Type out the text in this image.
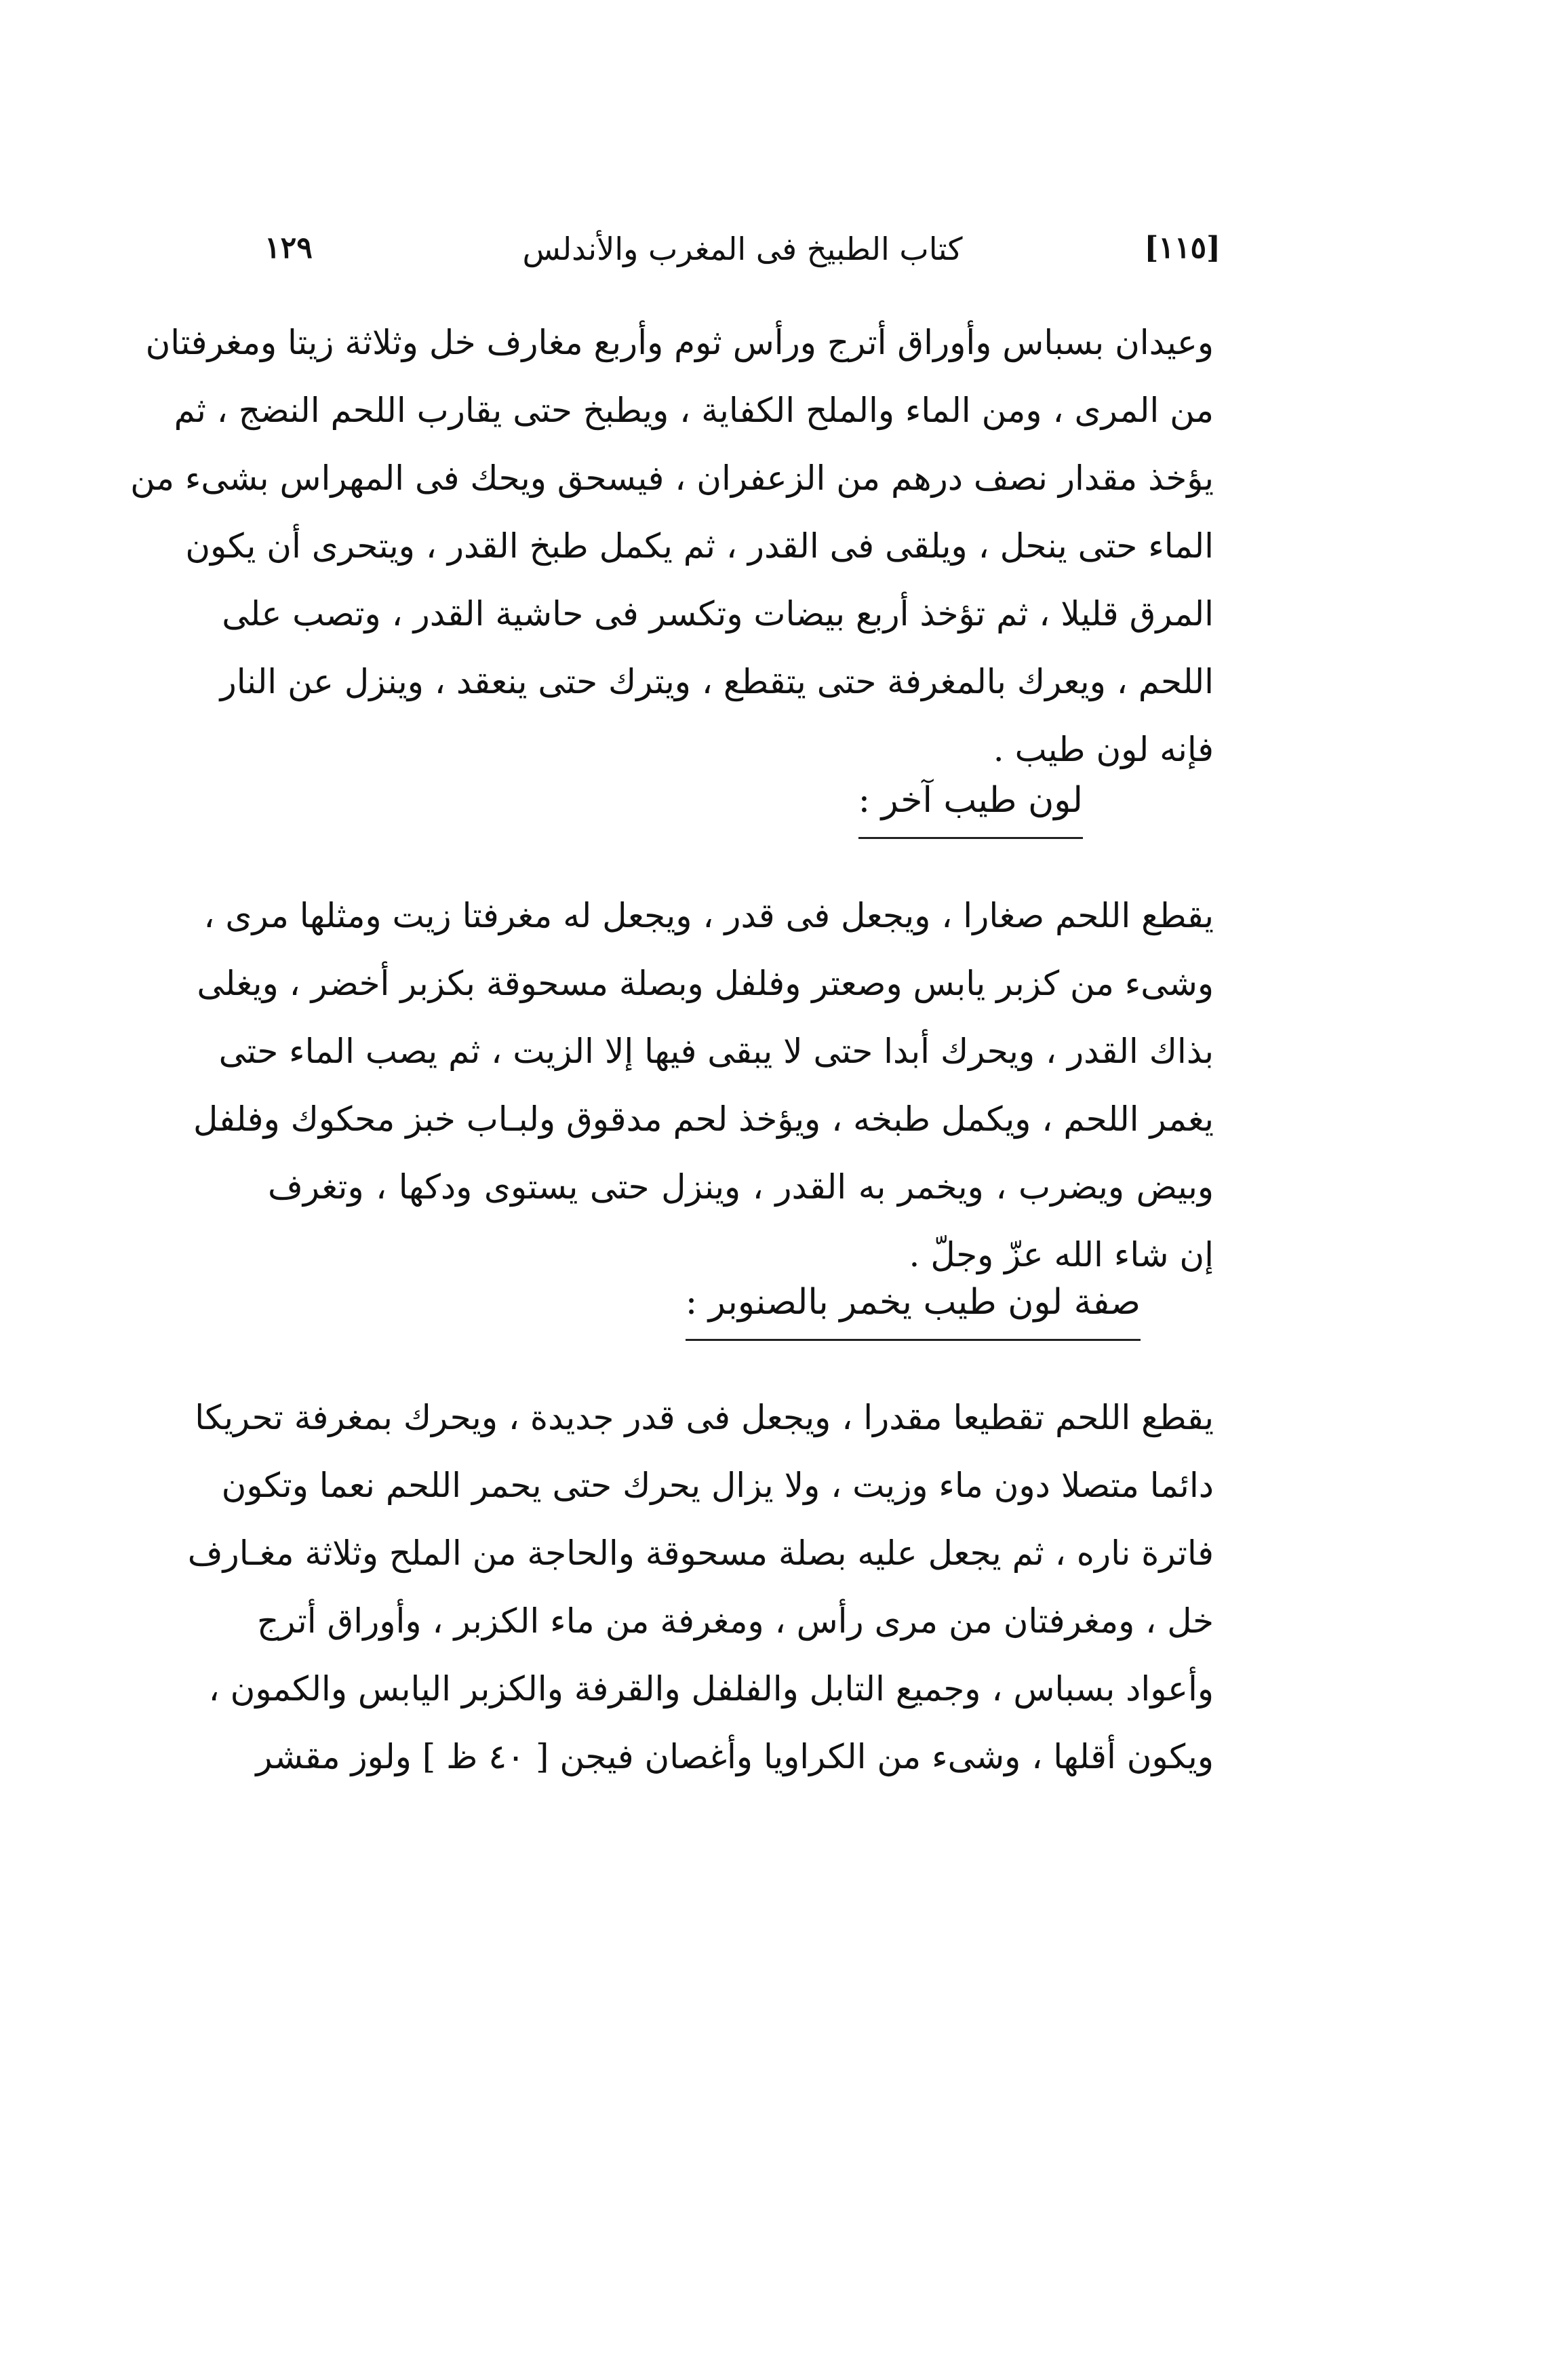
١٢٩	كتاب الطبيخ فى المغرب والأندلس	[١١٥]
وعيدان بسباس وأوراق أترج ورأس ثوم وأربع مغارف خل وثلاثة زيتا ومغرفتان
من المرى ، ومن الماء والملح الكفاية ، ويطبخ حتى يقارب اللحم النضج ، ثم
يؤخذ مقدار نصف درهم من الزعفران ، فيسحق ويحك فى المهراس بشىء من
الماء حتى ينحل ، ويلقى فى القدر ، ثم يكمل طبخ القدر ، ويتحرى أن يكون
المرق قليلا ، ثم تؤخذ أربع بيضات وتكسر فى حاشية القدر ، وتصب على
اللحم ، ويعرك بالمغرفة حتى يتقطع ، ويترك حتى ينعقد ، وينزل عن النار
فإنه لون طيب .
لون طيب آخر :
يقطع اللحم صغارا ، ويجعل فى قدر ، ويجعل له مغرفتا زيت ومثلها مرى ،
وشىء من كزبر يابس وصعتر وفلفل وبصلة مسحوقة بكزبر أخضر ، ويغلى
بذاك القدر ، ويحرك أبدا حتى لا يبقى فيها إلا الزيت ، ثم يصب الماء حتى
يغمر اللحم ، ويكمل طبخه ، ويؤخذ لحم مدقوق ولبـاب خبز محكوك وفلفل
وبيض ويضرب ، ويخمر به القدر ، وينزل حتى يستوى ودكها ، وتغرف
إن شاء الله عزّ وجلّ .
صفة لون طيب يخمر بالصنوبر :
يقطع اللحم تقطيعا مقدرا ، ويجعل فى قدر جديدة ، ويحرك بمغرفة تحريكا
دائما متصلا دون ماء وزيت ، ولا يزال يحرك حتى يحمر اللحم نعما وتكون
فاترة ناره ، ثم يجعل عليه بصلة مسحوقة والحاجة من الملح وثلاثة مغـارف
خل ، ومغرفتان من مرى رأس ، ومغرفة من ماء الكزبر ، وأوراق أترج
وأعواد بسباس ، وجميع التابل والفلفل والقرفة والكزبر اليابس والكمون ،
ويكون أقلها ، وشىء من الكراويا وأغصان فيجن [ ٤٠ ظ ] ولوز مقشر
